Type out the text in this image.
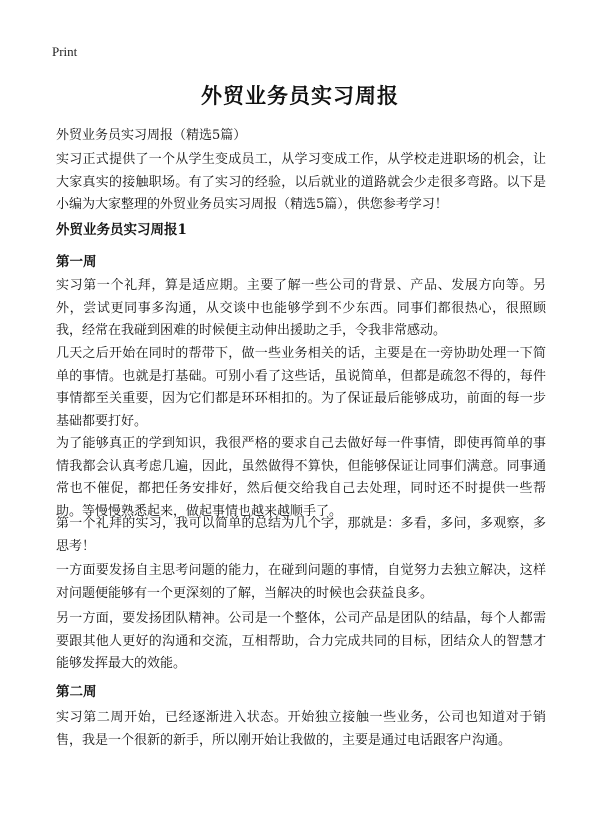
Print
外贸业务员实习周报
外贸业务员实习周报（精选5篇）
实习正式提供了一个从学生变成员工，从学习变成工作，从学校走进职场的机会，让大家真实的接触职场。有了实习的经验，以后就业的道路就会少走很多弯路。以下是小编为大家整理的外贸业务员实习周报（精选5篇），供您参考学习！
外贸业务员实习周报1
第一周
实习第一个礼拜，算是适应期。主要了解一些公司的背景、产品、发展方向等。另外，尝试更同事多沟通，从交谈中也能够学到不少东西。同事们都很热心，很照顾我，经常在我碰到困难的时候便主动伸出援助之手，令我非常感动。
几天之后开始在同时的帮带下，做一些业务相关的话，主要是在一旁协助处理一下简单的事情。也就是打基础。可别小看了这些话，虽说简单，但都是疏忽不得的，每件事情都至关重要，因为它们都是环环相扣的。为了保证最后能够成功，前面的每一步基础都要打好。
为了能够真正的学到知识，我很严格的要求自己去做好每一件事情，即使再简单的事情我都会认真考虑几遍，因此，虽然做得不算快，但能够保证让同事们满意。同事通常也不催促，都把任务安排好，然后便交给我自己去处理，同时还不时提供一些帮助。等慢慢熟悉起来，做起事情也越来越顺手了。
第一个礼拜的实习，我可以简单的总结为几个字，那就是：多看，多问，多观察，多思考！
一方面要发扬自主思考问题的能力，在碰到问题的事情，自觉努力去独立解决，这样对问题便能够有一个更深刻的了解，当解决的时候也会获益良多。
另一方面，要发扬团队精神。公司是一个整体，公司产品是团队的结晶，每个人都需要跟其他人更好的沟通和交流，互相帮助，合力完成共同的目标，团结众人的智慧才能够发挥最大的效能。
第二周
实习第二周开始，已经逐渐进入状态。开始独立接触一些业务，公司也知道对于销售，我是一个很新的新手，所以刚开始让我做的，主要是通过电话跟客户沟通。
